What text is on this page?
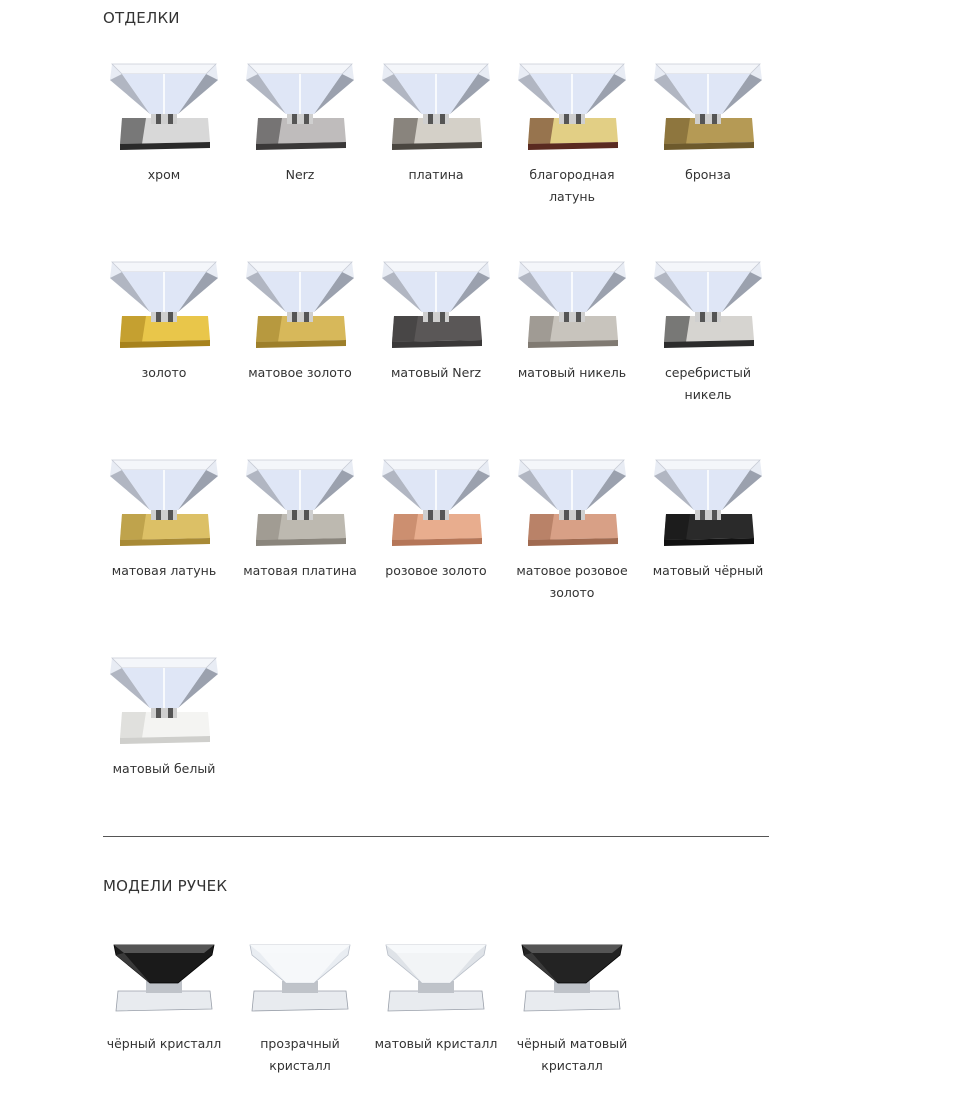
ОТДЕЛКИ
хром	Nerz	платина	благородная латунь
бронза
золото	матовое золото	матовый Nerz	матовый никель	серебристый никель
матовая латунь	матовая платина	розовое золото	матовое розовое золото
матовый чёрный
матовый белый
МОДЕЛИ РУЧЕК
чёрный кристалл	прозрачный кристалл
матовый кристалл	чёрный матовый кристалл
